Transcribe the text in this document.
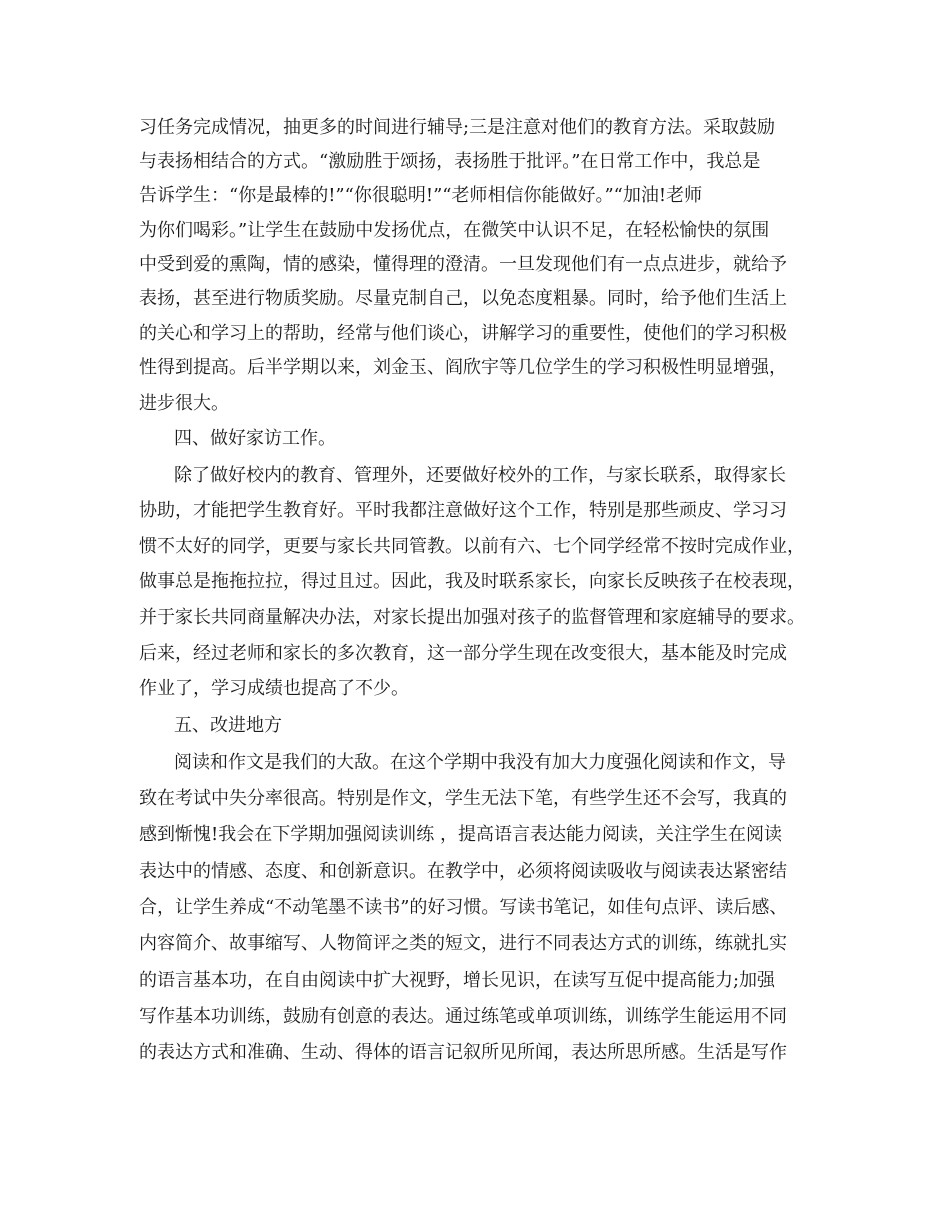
习任务完成情况，抽更多的时间进行辅导;三是注意对他们的教育方法。采取鼓励
与表扬相结合的方式。“激励胜于颂扬，表扬胜于批评。”在日常工作中，我总是
告诉学生：“你是最棒的!”“你很聪明!”“老师相信你能做好。”“加油!老师
为你们喝彩。”让学生在鼓励中发扬优点，在微笑中认识不足，在轻松愉快的氛围
中受到爱的熏陶，情的感染，懂得理的澄清。一旦发现他们有一点点进步，就给予
表扬，甚至进行物质奖励。尽量克制自己，以免态度粗暴。同时，给予他们生活上
的关心和学习上的帮助，经常与他们谈心，讲解学习的重要性，使他们的学习积极
性得到提高。后半学期以来，刘金玉、阎欣宇等几位学生的学习积极性明显增强，
进步很大。
四、做好家访工作。
除了做好校内的教育、管理外，还要做好校外的工作，与家长联系，取得家长
协助，才能把学生教育好。平时我都注意做好这个工作，特别是那些顽皮、学习习
惯不太好的同学，更要与家长共同管教。以前有六、七个同学经常不按时完成作业，
做事总是拖拖拉拉，得过且过。因此，我及时联系家长，向家长反映孩子在校表现，
并于家长共同商量解决办法，对家长提出加强对孩子的监督管理和家庭辅导的要求。
后来，经过老师和家长的多次教育，这一部分学生现在改变很大，基本能及时完成
作业了，学习成绩也提高了不少。
五、改进地方
阅读和作文是我们的大敌。在这个学期中我没有加大力度强化阅读和作文，导
致在考试中失分率很高。特别是作文，学生无法下笔，有些学生还不会写，我真的
感到惭愧!我会在下学期加强阅读训练 ，提高语言表达能力阅读，关注学生在阅读
表达中的情感、态度、和创新意识。在教学中，必须将阅读吸收与阅读表达紧密结
合，让学生养成“不动笔墨不读书”的好习惯。写读书笔记，如佳句点评、读后感、
内容简介、故事缩写、人物简评之类的短文，进行不同表达方式的训练，练就扎实
的语言基本功，在自由阅读中扩大视野，增长见识，在读写互促中提高能力;加强
写作基本功训练，鼓励有创意的表达。通过练笔或单项训练，训练学生能运用不同
的表达方式和准确、生动、得体的语言记叙所见所闻，表达所思所感。生活是写作
